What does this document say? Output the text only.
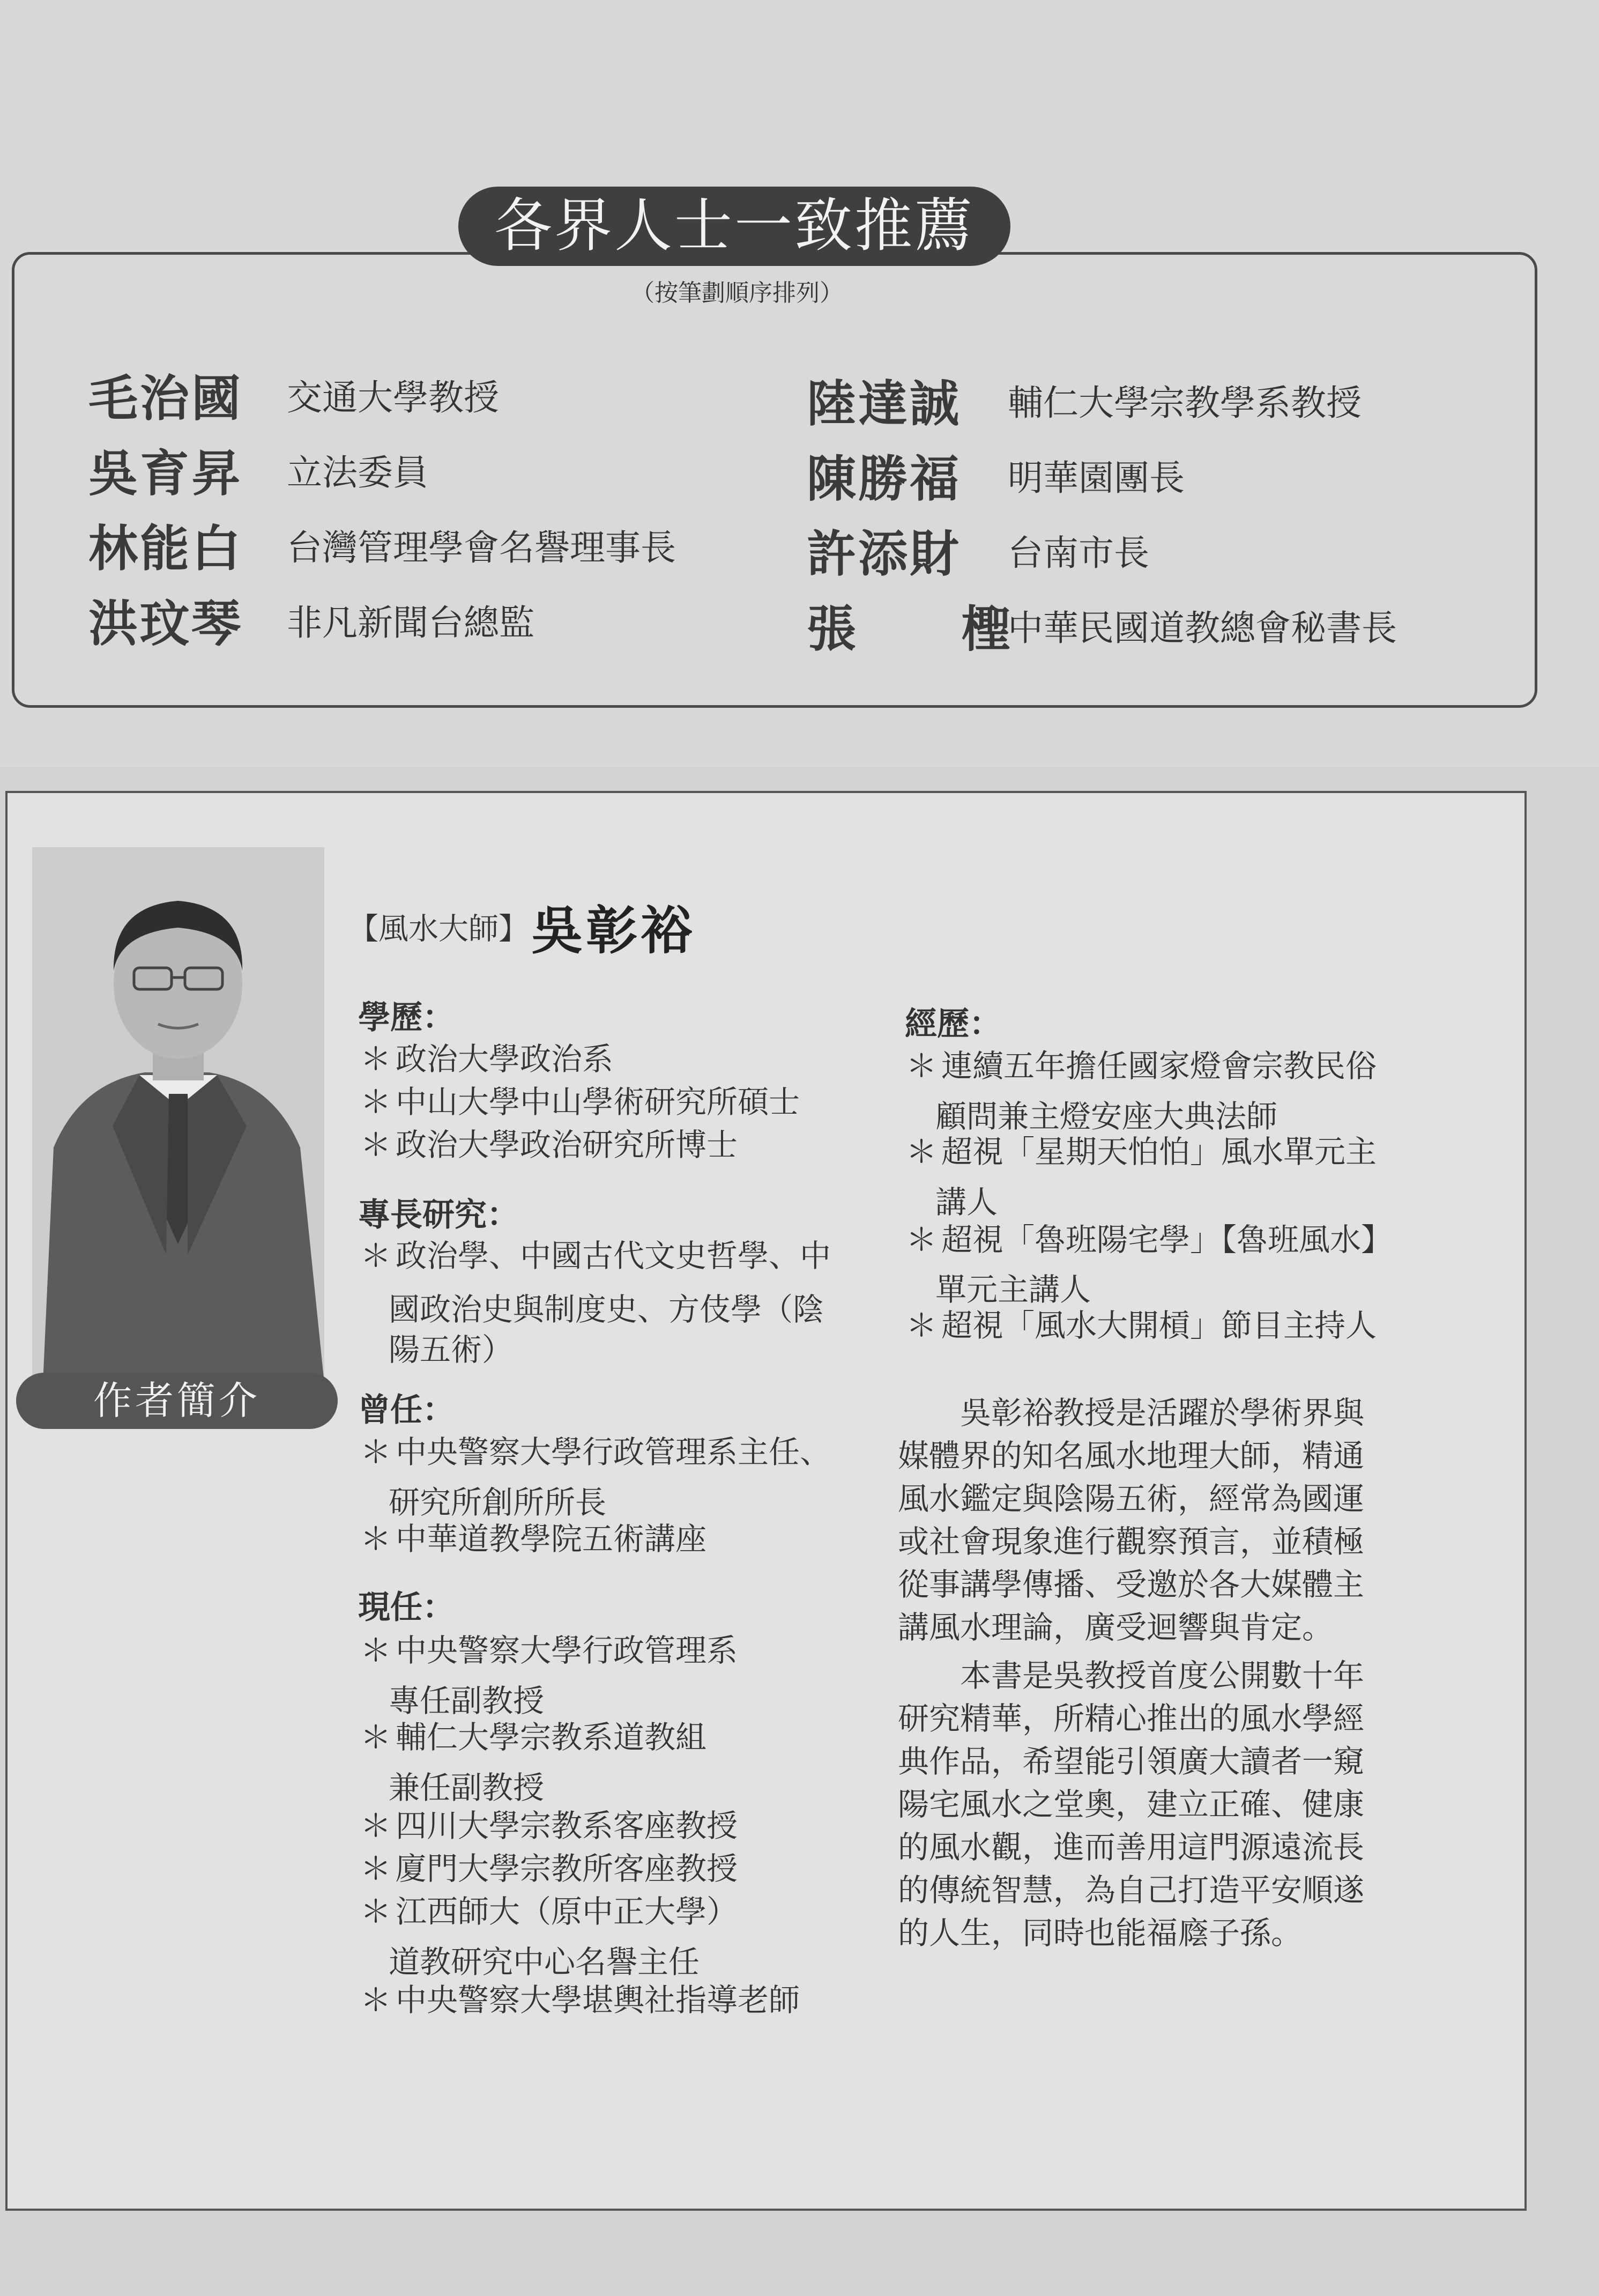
各界人士一致推薦
（按筆劃順序排列）
毛治國 交通大學教授
吳育昇 立法委員
林能白 台灣管理學會名譽理事長
洪玟琴 非凡新聞台總監
陸達誠 輔仁大學宗教學系教授
陳勝福 明華園團長
許添財 台南市長
張　　檉
中華民國道教總會秘書長
作者簡介
【風水大師】 吳彰裕
學歷：
＊ 政治大學政治系
＊ 中山大學中山學術研究所碩士
＊ 政治大學政治研究所博士
專長研究：
＊ 政治學、中國古代文史哲學、中
國政治史與制度史、方伎學（陰
陽五術）
曾任：
＊ 中央警察大學行政管理系主任、
研究所創所所長
＊ 中華道教學院五術講座
現任：
＊ 中央警察大學行政管理系
專任副教授
＊ 輔仁大學宗教系道教組
兼任副教授
＊ 四川大學宗教系客座教授
＊ 廈門大學宗教所客座教授
＊ 江西師大（原中正大學）
道教研究中心名譽主任
＊ 中央警察大學堪輿社指導老師
經歷：
＊ 連續五年擔任國家燈會宗教民俗
顧問兼主燈安座大典法師
＊ 超視「星期天怕怕」風水單元主
講人
＊ 超視「魯班陽宅學」【魯班風水】
單元主講人
＊ 超視「風水大開槓」節目主持人
　　吳彰裕教授是活躍於學術界與
媒體界的知名風水地理大師，精通
風水鑑定與陰陽五術，經常為國運
或社會現象進行觀察預言，並積極
從事講學傳播、受邀於各大媒體主
講風水理論，廣受迴響與肯定。
　　本書是吳教授首度公開數十年
研究精華，所精心推出的風水學經
典作品，希望能引領廣大讀者一窺
陽宅風水之堂奧，建立正確、健康
的風水觀，進而善用這門源遠流長
的傳統智慧，為自己打造平安順遂
的人生，同時也能福廕子孫。
